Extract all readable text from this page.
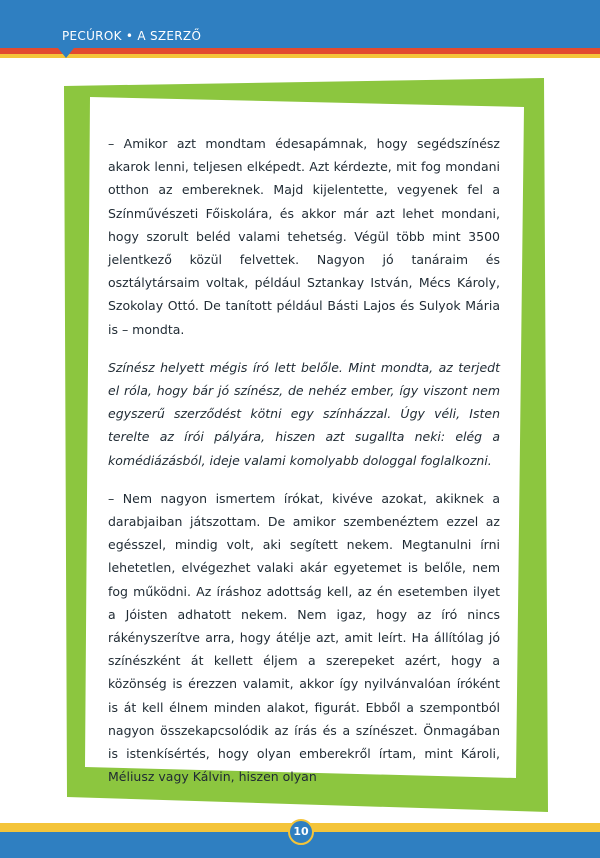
PECÚROK • A SZERZŐ

– Amikor azt mondtam édesapámnak, hogy segédszínész akarok lenni, teljesen elképedt. Azt kérdezte, mit fog mondani otthon az embereknek. Majd kijelentette, vegyenek fel a Színművészeti Főiskolára, és akkor már azt lehet mondani, hogy szorult beléd valami tehetség. Végül több mint 3500 jelentkező közül felvettek. Nagyon jó tanáraim és osztálytársaim voltak, például Sztankay István, Mécs Károly, Szokolay Ottó. De tanított például Básti Lajos és Sulyok Mária is – mondta.

Színész helyett mégis író lett belőle. Mint mondta, az terjedt el róla, hogy bár jó színész, de nehéz ember, így viszont nem egyszerű szerződést kötni egy színházzal. Úgy véli, Isten terelte az írói pályára, hiszen azt sugallta neki: elég a komédiázásból, ideje valami komolyabb dologgal foglalkozni.

– Nem nagyon ismertem írókat, kivéve azokat, akiknek a darabjaiban játszottam. De amikor szembenéztem ezzel az egésszel, mindig volt, aki segített nekem. Megtanulni írni lehetetlen, elvégezhet valaki akár egyetemet is belőle, nem fog működni. Az íráshoz adottság kell, az én esetemben ilyet a Jóisten adhatott nekem. Nem igaz, hogy az író nincs rákényszerítve arra, hogy átélje azt, amit leírt. Ha állítólag jó színészként át kellett éljem a szerepeket azért, hogy a közönség is érezzen valamit, akkor így nyilvánvalóan íróként is át kell élnem minden alakot, figurát. Ebből a szempontból nagyon összekapcsolódik az írás és a színészet. Önmagában is istenkísértés, hogy olyan emberekről írtam, mint Károli, Méliusz vagy Kálvin, hiszen olyan

10
